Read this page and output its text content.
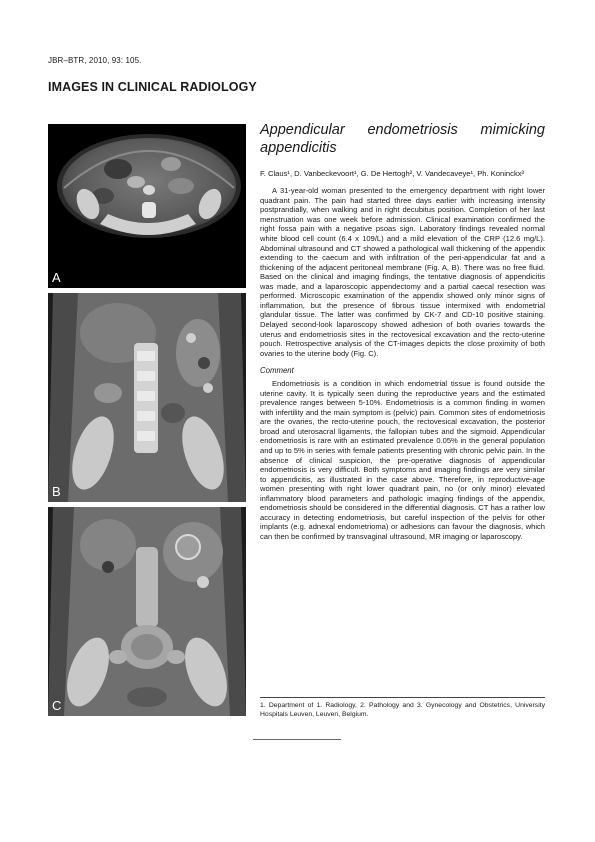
JBR–BTR, 2010, 93: 105.
IMAGES IN CLINICAL RADIOLOGY
A
B
C
Appendicular endometriosis mimicking appendicitis
F. Claus¹, D. Vanbeckevoort¹, G. De Hertogh², V. Vandecaveye¹, Ph. Koninckx³

A 31-year-old woman presented to the emergency department with right lower quadrant pain. The pain had started three days earlier with increasing intensity postprandially, when walking and in right decubitus position. Completion of her last menstruation was one week before admission. Clinical examination confirmed the right fossa pain with a negative psoas sign. Laboratory findings revealed normal white blood cell count (6.4 x 109/L) and a mild elevation of the CRP (12.6 mg/L). Abdominal ultrasound and CT showed a pathological wall thickening of the appendix extending to the caecum and with infiltration of the peri-appendicular fat and a thickening of the adjacent peritoneal membrane (Fig. A, B). There was no free fluid. Based on the clinical and imaging findings, the tentative diagnosis of appendicitis was made, and a laparoscopic appendectomy and a partial caecal resection was performed. Microscopic examination of the appendix showed only minor signs of inflammation, but the presence of fibrous tissue intermixed with endometrial glandular tissue. The latter was confirmed by CK-7 and CD-10 positive staining. Delayed second-look laparoscopy showed adhesion of both ovaries towards the uterus and endometriosis sites in the rectovesical excavation and the recto-uterine pouch. Retrospective analysis of the CT-images depicts the close proximity of both ovaries to the uterine body (Fig. C).

Comment

Endometriosis is a condition in which endometrial tissue is found outside the uterine cavity. It is typically seen during the reproductive years and the estimated prevalence ranges between 5-10%. Endometriosis is a common finding in women with infertility and the main symptom is (pelvic) pain. Common sites of endometriosis are the ovaries, the recto-uterine pouch, the rectovesical excavation, the posterior broad and uterosacral ligaments, the fallopian tubes and the sigmoid. Appendicular endometriosis is rare with an estimated prevalence 0.05% in the general population and up to 5% in series with female patients presenting with chronic pelvic pain. In the absence of clinical suspicion, the pre-operative diagnosis of appendicular endometriosis is very difficult. Both symptoms and imaging findings are very similar to appendicitis, as illustrated in the case above. Therefore, in reproductive-age women presenting with right lower quadrant pain, no (or only minor) elevated inflammatory blood parameters and pathologic imaging findings of the appendix, endometriosis should be considered in the differential diagnosis. CT has a rather low accuracy in detecting endometriosis, but careful inspection of the pelvis for other implants (e.g. adnexal endometrioma) or adhesions can favour the diagnosis, which can then be confirmed by transvaginal ultrasound, MR imaging or laparoscopy.

1. Department of 1. Radiology, 2. Pathology and 3. Gynecology and Obstetrics, University Hospitals Leuven, Leuven, Belgium.
